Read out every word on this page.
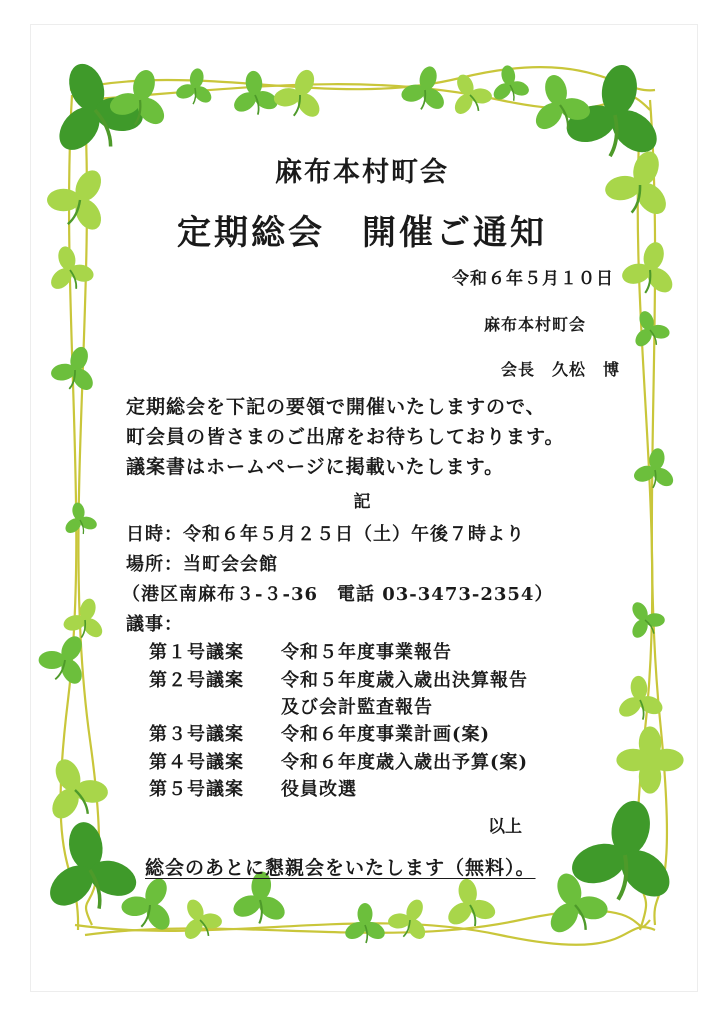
麻布本村町会
定期総会　開催ご通知
令和６年５月１０日
麻布本村町会
会長　久松　博
定期総会を下記の要領で開催いたしますので、
町会員の皆さまのご出席をお待ちしております。
議案書はホームページに掲載いたします。
記
日時：令和６年５月２５日（土）午後７時より
場所：当町会会館
（港区南麻布３-３-36　電話 03-3473-2354）
議事：
第１号議案 令和５年度事業報告
第２号議案 令和５年度歳入歳出決算報告
及び会計監査報告
第３号議案 令和６年度事業計画(案)
第４号議案 令和６年度歳入歳出予算(案)
第５号議案 役員改選
以上
総会のあとに懇親会をいたします（無料）。
